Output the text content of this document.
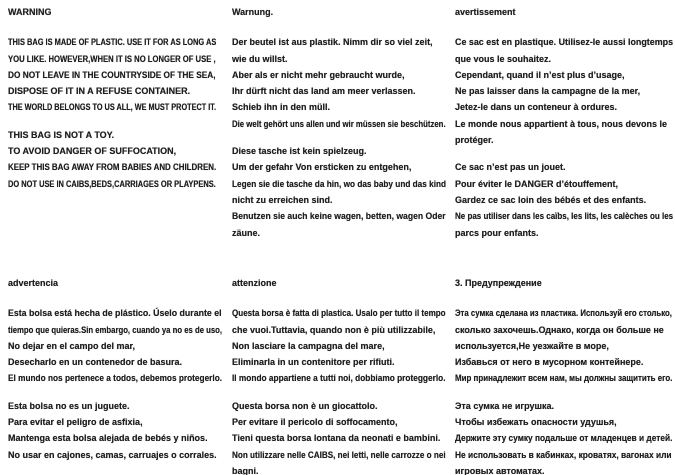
WARNING
THIS BAG IS MADE OF PLASTIC. USE IT FOR AS LONG AS
YOU LIKE. HOWEVER,WHEN IT IS NO LONGER OF USE ,
DO NOT LEAVE IN THE COUNTRYSIDE OF THE SEA,
DISPOSE OF IT IN A REFUSE CONTAINER.
THE WORLD BELONGS TO US ALL, WE MUST PROTECT IT.
THIS BAG IS NOT A TOY.
TO AVOID DANGER OF SUFFOCATION,
KEEP THIS BAG AWAY FROM BABIES AND CHILDREN.
DO NOT USE IN CAIBS,BEDS,CARRIAGES OR PLAYPENS.
Warnung.
Der beutel ist aus plastik. Nimm dir so viel zeit,
wie du willst.
Aber als er nicht mehr gebraucht wurde,
Ihr dürft nicht das land am meer verlassen.
Schieb ihn in den müll.
Die welt gehört uns allen und wir müssen sie beschützen.
Diese tasche ist kein spielzeug.
Um der gefahr Von ersticken zu entgehen,
Legen sie die tasche da hin, wo das baby und das kind
nicht zu erreichen sind.
Benutzen sie auch keine wagen, betten, wagen Oder
zäune.
avertissement
Ce sac est en plastique. Utilisez-le aussi longtemps
que vous le souhaitez.
Cependant, quand il n’est plus d’usage,
Ne pas laisser dans la campagne de la mer,
Jetez-le dans un conteneur à ordures.
Le monde nous appartient à tous, nous devons le
protéger.
Ce sac n’est pas un jouet.
Pour éviter le DANGER d’étouffement,
Gardez ce sac loin des bébés et des enfants.
Ne pas utiliser dans les caïbs, les lits, les calèches ou les
parcs pour enfants.
advertencia
Esta bolsa está hecha de plástico. Úselo durante el
tiempo que quieras.Sin embargo, cuando ya no es de uso,
No dejar en el campo del mar,
Desecharlo en un contenedor de basura.
El mundo nos pertenece a todos, debemos protegerlo.
Esta bolsa no es un juguete.
Para evitar el peligro de asfixia,
Mantenga esta bolsa alejada de bebés y niños.
No usar en cajones, camas, carruajes o corrales.
attenzione
Questa borsa è fatta di plastica. Usalo per tutto il tempo
che vuoi.Tuttavia, quando non è più utilizzabile,
Non lasciare la campagna del mare,
Eliminarla in un contenitore per rifiuti.
Il mondo appartiene a tutti noi, dobbiamo proteggerlo.
Questa borsa non è un giocattolo.
Per evitare il pericolo di soffocamento,
Tieni questa borsa lontana da neonati e bambini.
Non utilizzare nelle CAIBS, nei letti, nelle carrozze o nei
bagni.
3. Предупреждение
Эта сумка сделана из пластика. Используй его столько,
сколько захочешь.Однако, когда он больше не
используется,Не уезжайте в море,
Избавься от него в мусорном контейнере.
Мир принадлежит всем нам, мы должны защитить его.
Эта сумка не игрушка.
Чтобы избежать опасности удушья,
Держите эту сумку подальше от младенцев и детей.
Не использовать в кабинках, кроватях, вагонах или
игровых автоматах.
